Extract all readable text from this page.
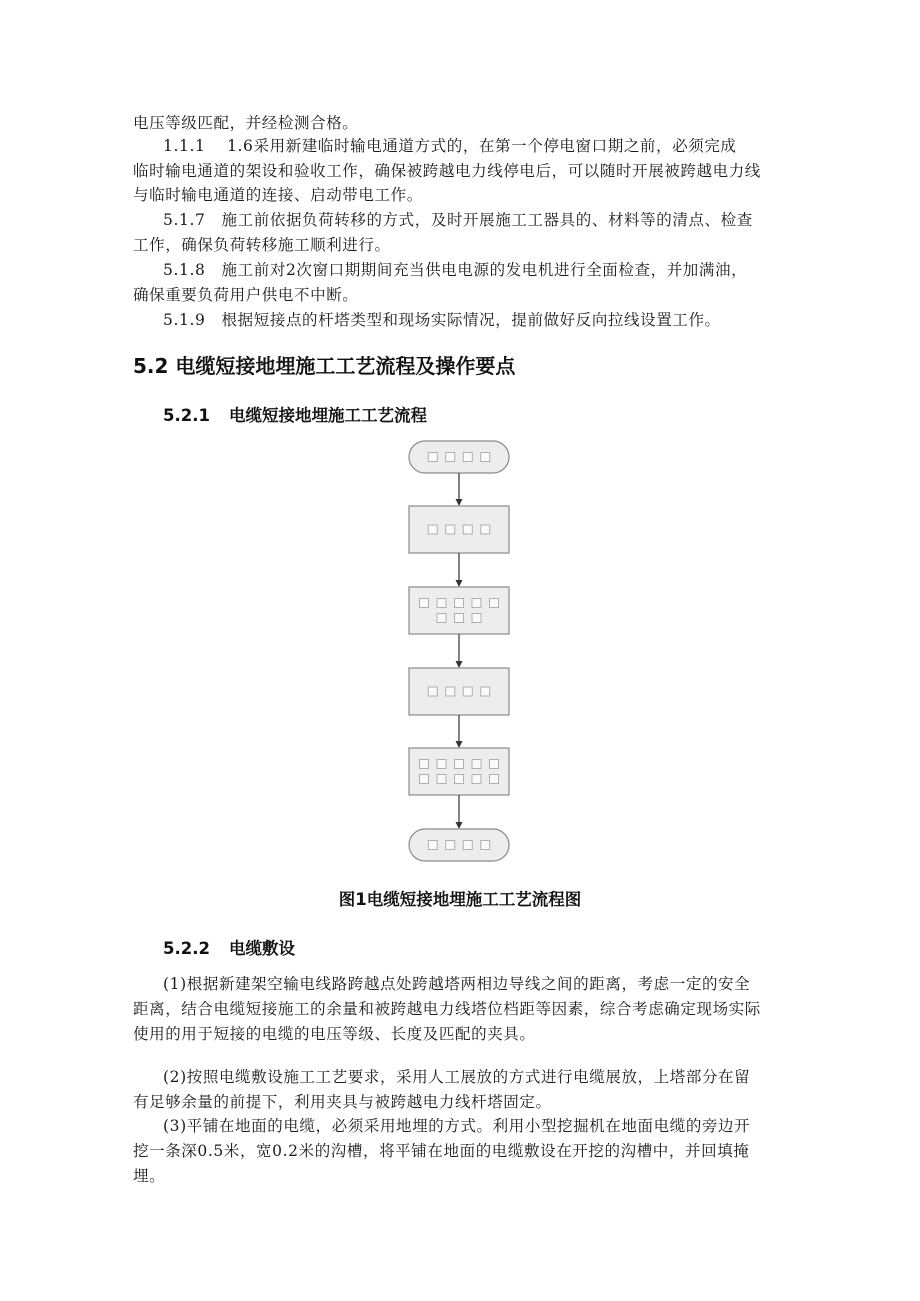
电压等级匹配，并经检测合格。
1.1.1　 1.6采用新建临时输电通道方式的，在第一个停电窗口期之前，必须完成
临时输电通道的架设和验收工作，确保被跨越电力线停电后，可以随时开展被跨越电力线
与临时输电通道的连接、启动带电工作。
5.1.7　施工前依据负荷转移的方式，及时开展施工工器具的、材料等的清点、检查
工作，确保负荷转移施工顺利进行。
5.1.8　施工前对2次窗口期期间充当供电电源的发电机进行全面检查，并加满油，
确保重要负荷用户供电不中断。
5.1.9　根据短接点的杆塔类型和现场实际情况，提前做好反向拉线设置工作。
5.2 电缆短接地埋施工工艺流程及操作要点
5.2.1 电缆短接地埋施工工艺流程
图1电缆短接地埋施工工艺流程图
5.2.2 电缆敷设
(1)根据新建架空输电线路跨越点处跨越塔两相边导线之间的距离，考虑一定的安全
距离，结合电缆短接施工的余量和被跨越电力线塔位档距等因素，综合考虑确定现场实际
使用的用于短接的电缆的电压等级、长度及匹配的夹具。
(2)按照电缆敷设施工工艺要求，采用人工展放的方式进行电缆展放，上塔部分在留
有足够余量的前提下，利用夹具与被跨越电力线杆塔固定。
(3)平铺在地面的电缆，必须采用地埋的方式。利用小型挖掘机在地面电缆的旁边开
挖一条深0.5米，宽0.2米的沟槽，将平铺在地面的电缆敷设在开挖的沟槽中，并回填掩
埋。
